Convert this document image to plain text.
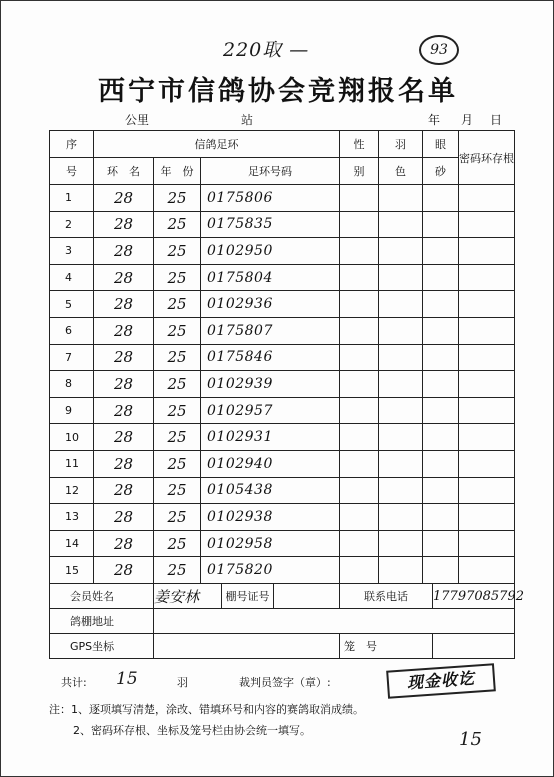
220取 —	93
西宁市信鸽协会竞翔报名单
公里	站	年 月 日
序	信鸽足环			性	羽	眼	密码环存根
号	环　名	年　份	足环号码	别	色	砂	
1	28	25	0175806				
2	28	25	0175835				
3	28	25	0102950				
4	28	25	0175804				
5	28	25	0102936				
6	28	25	0175807				
7	28	25	0175846				
8	28	25	0102939				
9	28	25	0102957				
10	28	25	0102931				
11	28	25	0102940				
12	28	25	0105438				
13	28	25	0102938				
14	28	25	0102958				
15	28	25	0175820				
会员姓名	姜安林	棚号证号		联系电话	17797085792
鸽棚地址					
GPS坐标				笼　号	
共计: 15	羽	裁判员签字（章）:	现金收讫
注：1、逐项填写清楚，涂改、错填环号和内容的赛鸽取消成绩。
2、密码环存根、坐标及笼号栏由协会统一填写。	15
